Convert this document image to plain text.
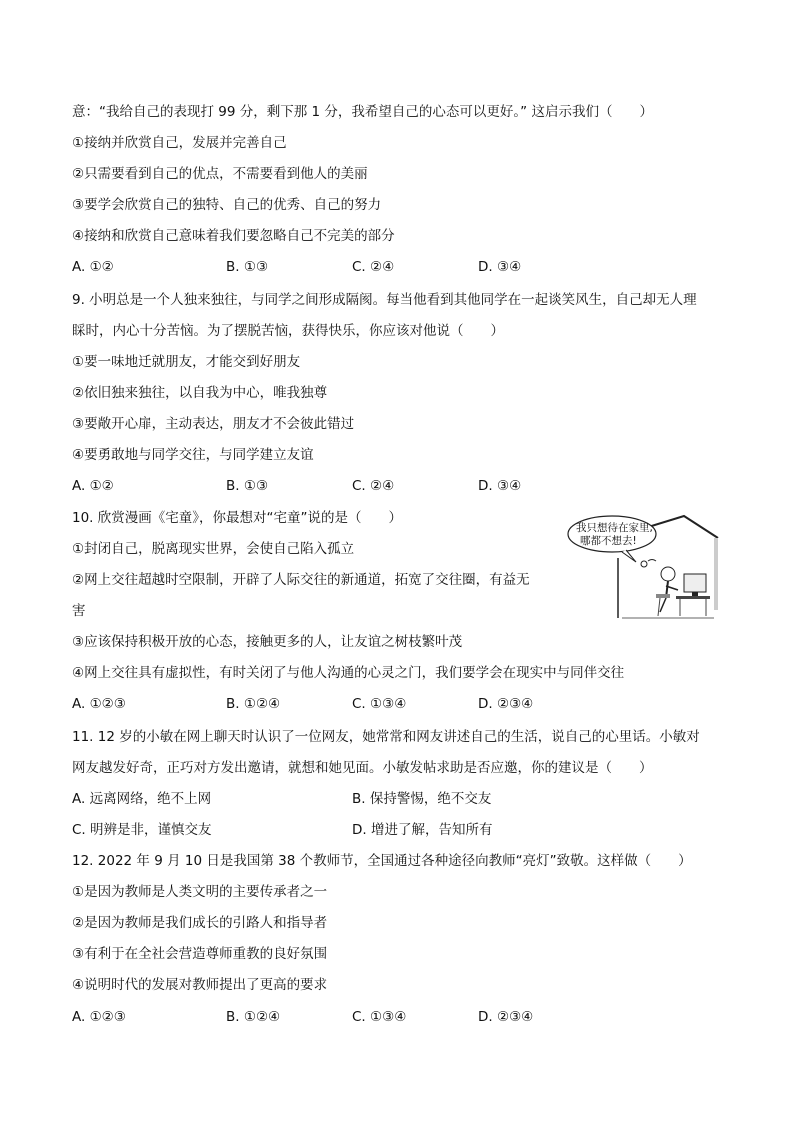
意：“我给自己的表现打 99 分，剩下那 1 分，我希望自己的心态可以更好。” 这启示我们（　　）
①接纳并欣赏自己，发展并完善自己
②只需要看到自己的优点，不需要看到他人的美丽
③要学会欣赏自己的独特、自己的优秀、自己的努力
④接纳和欣赏自己意味着我们要忽略自己不完美的部分
A. ①②	B. ①③	C. ②④	D. ③④
9. 小明总是一个人独来独往，与同学之间形成隔阂。每当他看到其他同学在一起谈笑风生，自己却无人理
睬时，内心十分苦恼。为了摆脱苦恼，获得快乐，你应该对他说（　　）
①要一味地迁就朋友，才能交到好朋友
②依旧独来独往，以自我为中心，唯我独尊
③要敞开心扉，主动表达，朋友才不会彼此错过
④要勇敢地与同学交往，与同学建立友谊
A. ①②	B. ①③	C. ②④	D. ③④
10. 欣赏漫画《宅童》，你最想对“宅童”说的是（　　）
①封闭自己，脱离现实世界，会使自己陷入孤立
②网上交往超越时空限制，开辟了人际交往的新通道，拓宽了交往圈，有益无
害
③应该保持积极开放的心态，接触更多的人，让友谊之树枝繁叶茂
④网上交往具有虚拟性，有时关闭了与他人沟通的心灵之门，我们要学会在现实中与同伴交往
A. ①②③	B. ①②④	C. ①③④	D. ②③④
我只想待在家里,
哪都不想去!
11. 12 岁的小敏在网上聊天时认识了一位网友，她常常和网友讲述自己的生活，说自己的心里话。小敏对
网友越发好奇，正巧对方发出邀请，就想和她见面。小敏发帖求助是否应邀，你的建议是（　　）
A. 远离网络，绝不上网	B. 保持警惕，绝不交友
C. 明辨是非，谨慎交友	D. 增进了解，告知所有
12. 2022 年 9 月 10 日是我国第 38 个教师节，全国通过各种途径向教师“亮灯”致敬。这样做（　　）
①是因为教师是人类文明的主要传承者之一
②是因为教师是我们成长的引路人和指导者
③有利于在全社会营造尊师重教的良好氛围
④说明时代的发展对教师提出了更高的要求
A. ①②③	B. ①②④	C. ①③④	D. ②③④
